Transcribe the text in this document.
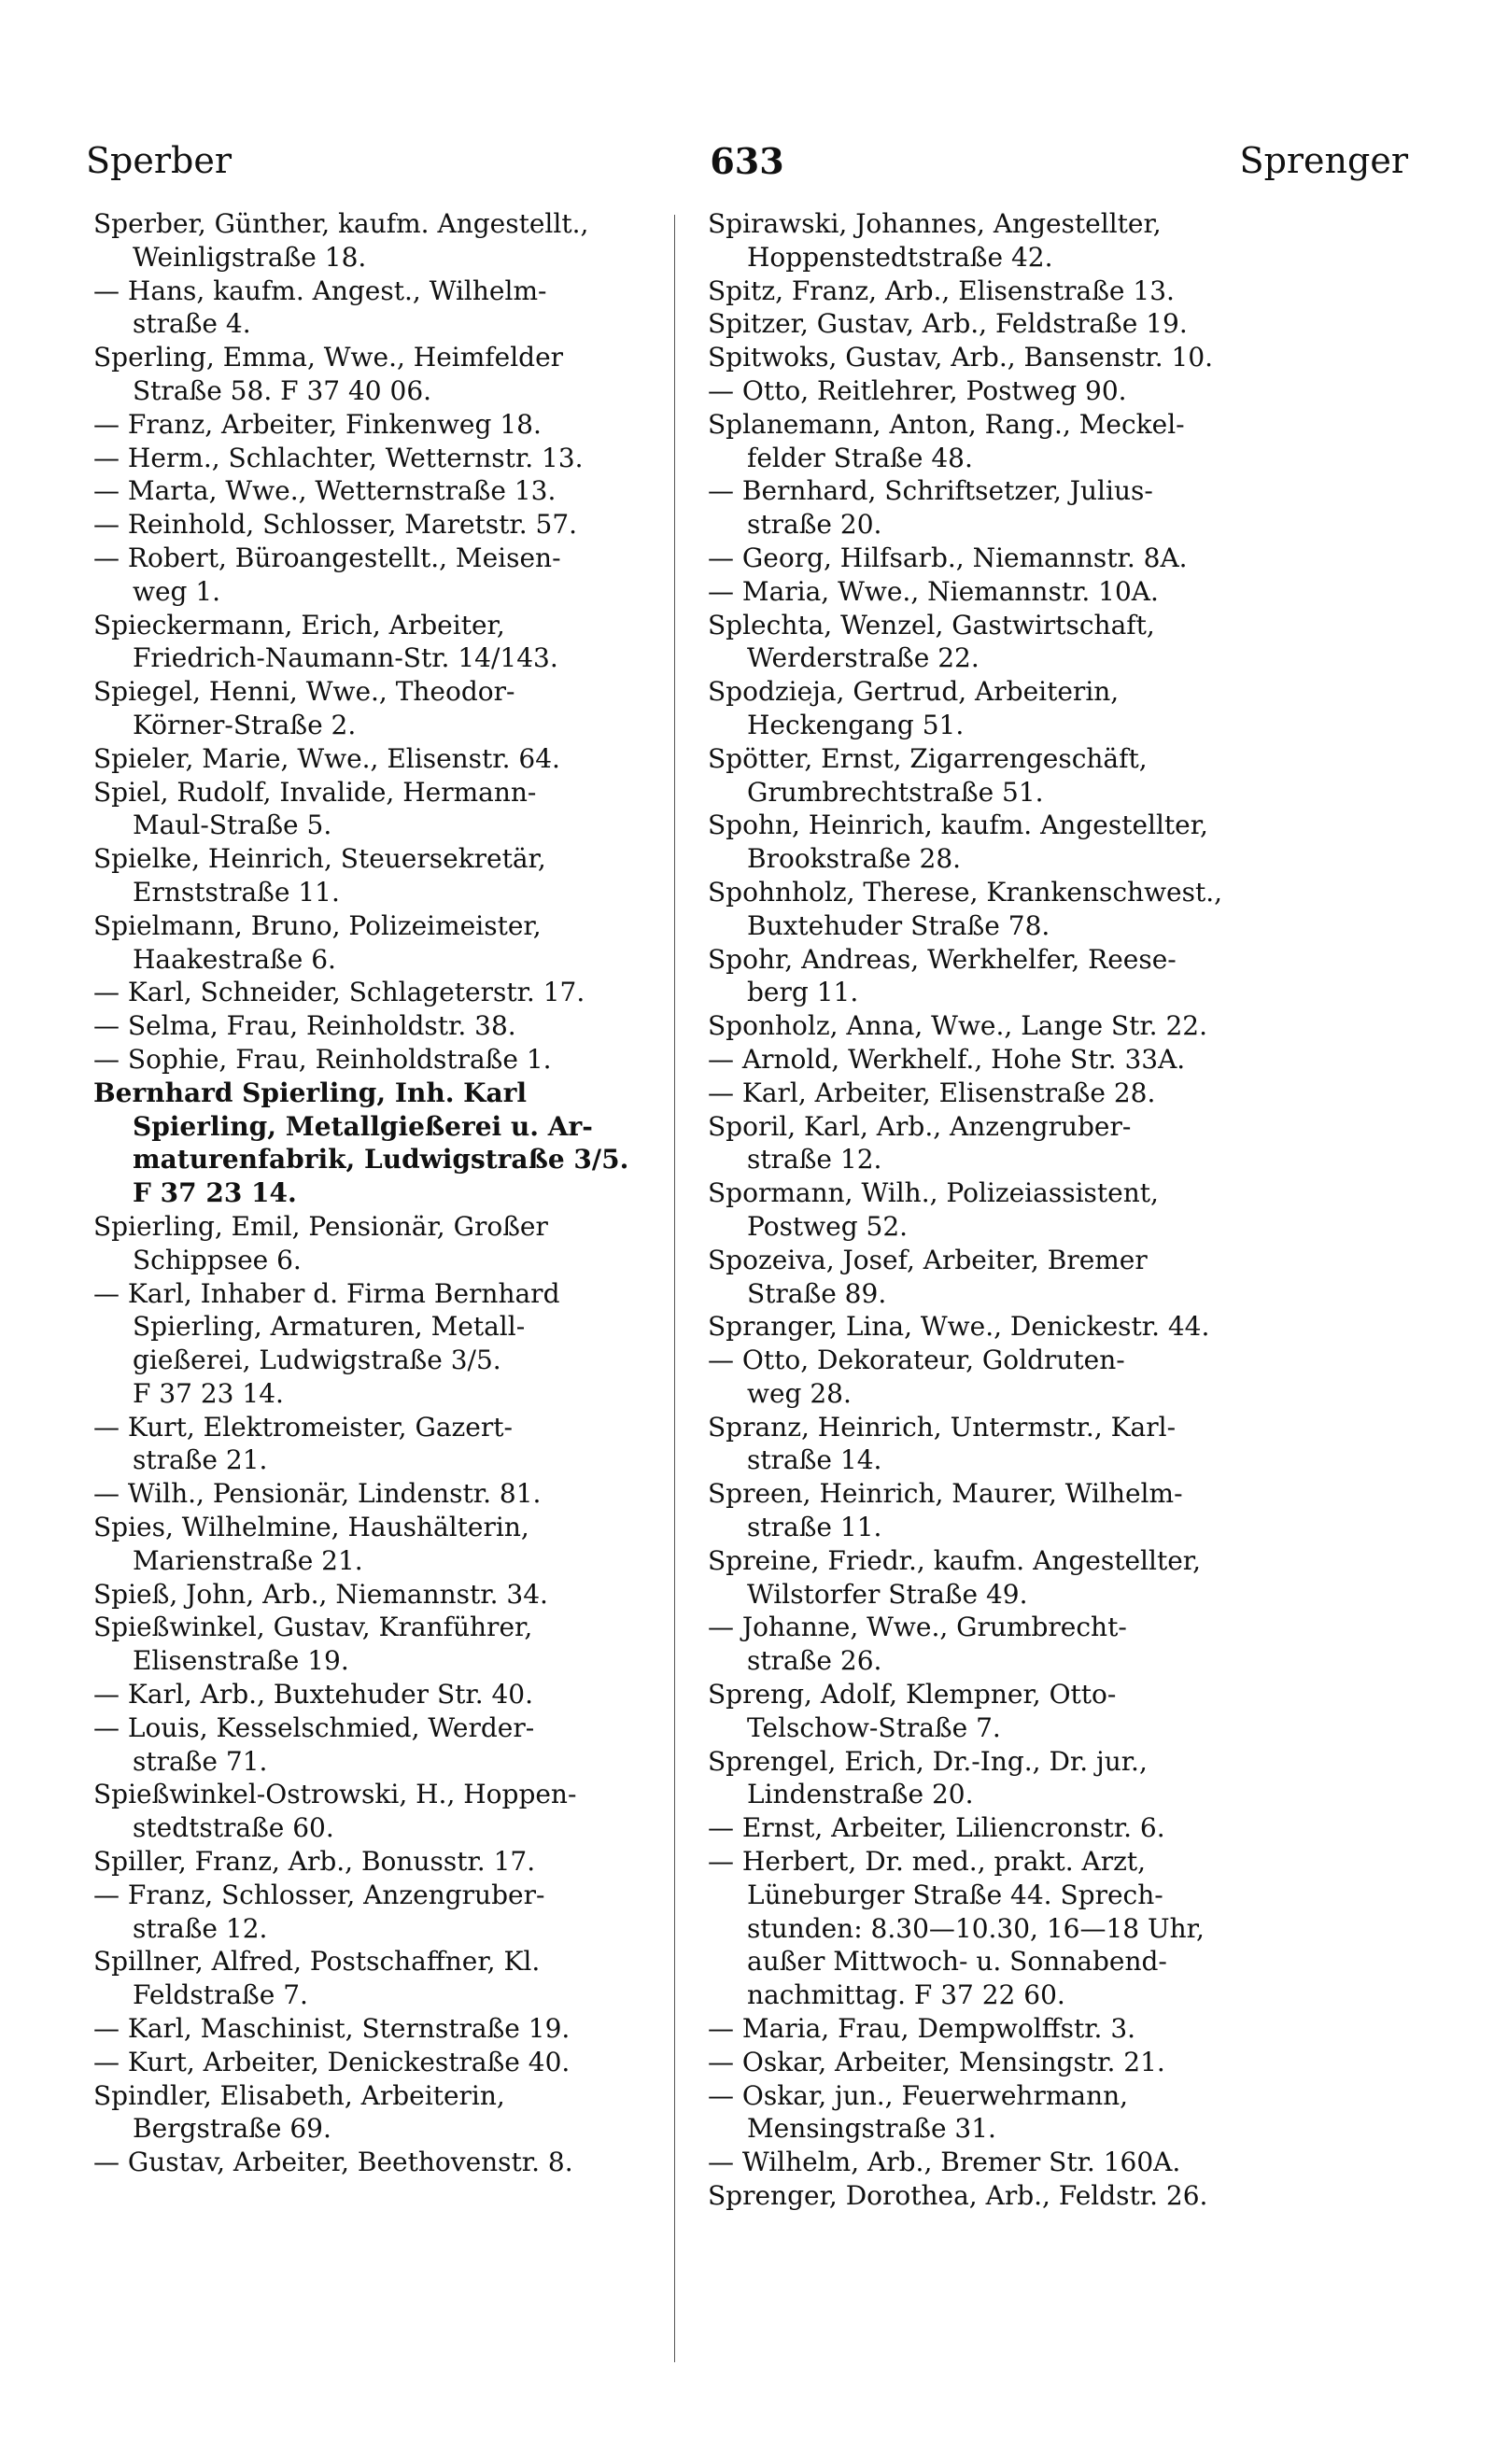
Sperber	633	Sprenger
Sperber, Günther, kaufm. Angestellt.,
Weinligstraße 18.
— Hans, kaufm. Angest., Wilhelm-
straße 4.
Sperling, Emma, Wwe., Heimfelder
Straße 58. F 37 40 06.
— Franz, Arbeiter, Finkenweg 18.
— Herm., Schlachter, Wetternstr. 13.
— Marta, Wwe., Wetternstraße 13.
— Reinhold, Schlosser, Maretstr. 57.
— Robert, Büroangestellt., Meisen-
weg 1.
Spieckermann, Erich, Arbeiter,
Friedrich-Naumann-Str. 14/143.
Spiegel, Henni, Wwe., Theodor-
Körner-Straße 2.
Spieler, Marie, Wwe., Elisenstr. 64.
Spiel, Rudolf, Invalide, Hermann-
Maul-Straße 5.
Spielke, Heinrich, Steuersekretär,
Ernststraße 11.
Spielmann, Bruno, Polizeimeister,
Haakestraße 6.
— Karl, Schneider, Schlageterstr. 17.
— Selma, Frau, Reinholdstr. 38.
— Sophie, Frau, Reinholdstraße 1.
Bernhard Spierling, Inh. Karl
Spierling, Metallgießerei u. Ar-
maturenfabrik, Ludwigstraße 3/5.
F 37 23 14.
Spierling, Emil, Pensionär, Großer
Schippsee 6.
— Karl, Inhaber d. Firma Bernhard
Spierling, Armaturen, Metall-
gießerei, Ludwigstraße 3/5.
F 37 23 14.
— Kurt, Elektromeister, Gazert-
straße 21.
— Wilh., Pensionär, Lindenstr. 81.
Spies, Wilhelmine, Haushälterin,
Marienstraße 21.
Spieß, John, Arb., Niemannstr. 34.
Spießwinkel, Gustav, Kranführer,
Elisenstraße 19.
— Karl, Arb., Buxtehuder Str. 40.
— Louis, Kesselschmied, Werder-
straße 71.
Spießwinkel-Ostrowski, H., Hoppen-
stedtstraße 60.
Spiller, Franz, Arb., Bonusstr. 17.
— Franz, Schlosser, Anzengruber-
straße 12.
Spillner, Alfred, Postschaffner, Kl.
Feldstraße 7.
— Karl, Maschinist, Sternstraße 19.
— Kurt, Arbeiter, Denickestraße 40.
Spindler, Elisabeth, Arbeiterin,
Bergstraße 69.
— Gustav, Arbeiter, Beethovenstr. 8.
Spirawski, Johannes, Angestellter,
Hoppenstedtstraße 42.
Spitz, Franz, Arb., Elisenstraße 13.
Spitzer, Gustav, Arb., Feldstraße 19.
Spitwoks, Gustav, Arb., Bansenstr. 10.
— Otto, Reitlehrer, Postweg 90.
Splanemann, Anton, Rang., Meckel-
felder Straße 48.
— Bernhard, Schriftsetzer, Julius-
straße 20.
— Georg, Hilfsarb., Niemannstr. 8A.
— Maria, Wwe., Niemannstr. 10A.
Splechta, Wenzel, Gastwirtschaft,
Werderstraße 22.
Spodzieja, Gertrud, Arbeiterin,
Heckengang 51.
Spötter, Ernst, Zigarrengeschäft,
Grumbrechtstraße 51.
Spohn, Heinrich, kaufm. Angestellter,
Brookstraße 28.
Spohnholz, Therese, Krankenschwest.,
Buxtehuder Straße 78.
Spohr, Andreas, Werkhelfer, Reese-
berg 11.
Sponholz, Anna, Wwe., Lange Str. 22.
— Arnold, Werkhelf., Hohe Str. 33A.
— Karl, Arbeiter, Elisenstraße 28.
Sporil, Karl, Arb., Anzengruber-
straße 12.
Spormann, Wilh., Polizeiassistent,
Postweg 52.
Spozeiva, Josef, Arbeiter, Bremer
Straße 89.
Spranger, Lina, Wwe., Denickestr. 44.
— Otto, Dekorateur, Goldruten-
weg 28.
Spranz, Heinrich, Untermstr., Karl-
straße 14.
Spreen, Heinrich, Maurer, Wilhelm-
straße 11.
Spreine, Friedr., kaufm. Angestellter,
Wilstorfer Straße 49.
— Johanne, Wwe., Grumbrecht-
straße 26.
Spreng, Adolf, Klempner, Otto-
Telschow-Straße 7.
Sprengel, Erich, Dr.-Ing., Dr. jur.,
Lindenstraße 20.
— Ernst, Arbeiter, Liliencronstr. 6.
— Herbert, Dr. med., prakt. Arzt,
Lüneburger Straße 44. Sprech-
stunden: 8.30—10.30, 16—18 Uhr,
außer Mittwoch- u. Sonnabend-
nachmittag. F 37 22 60.
— Maria, Frau, Dempwolffstr. 3.
— Oskar, Arbeiter, Mensingstr. 21.
— Oskar, jun., Feuerwehrmann,
Mensingstraße 31.
— Wilhelm, Arb., Bremer Str. 160A.
Sprenger, Dorothea, Arb., Feldstr. 26.
